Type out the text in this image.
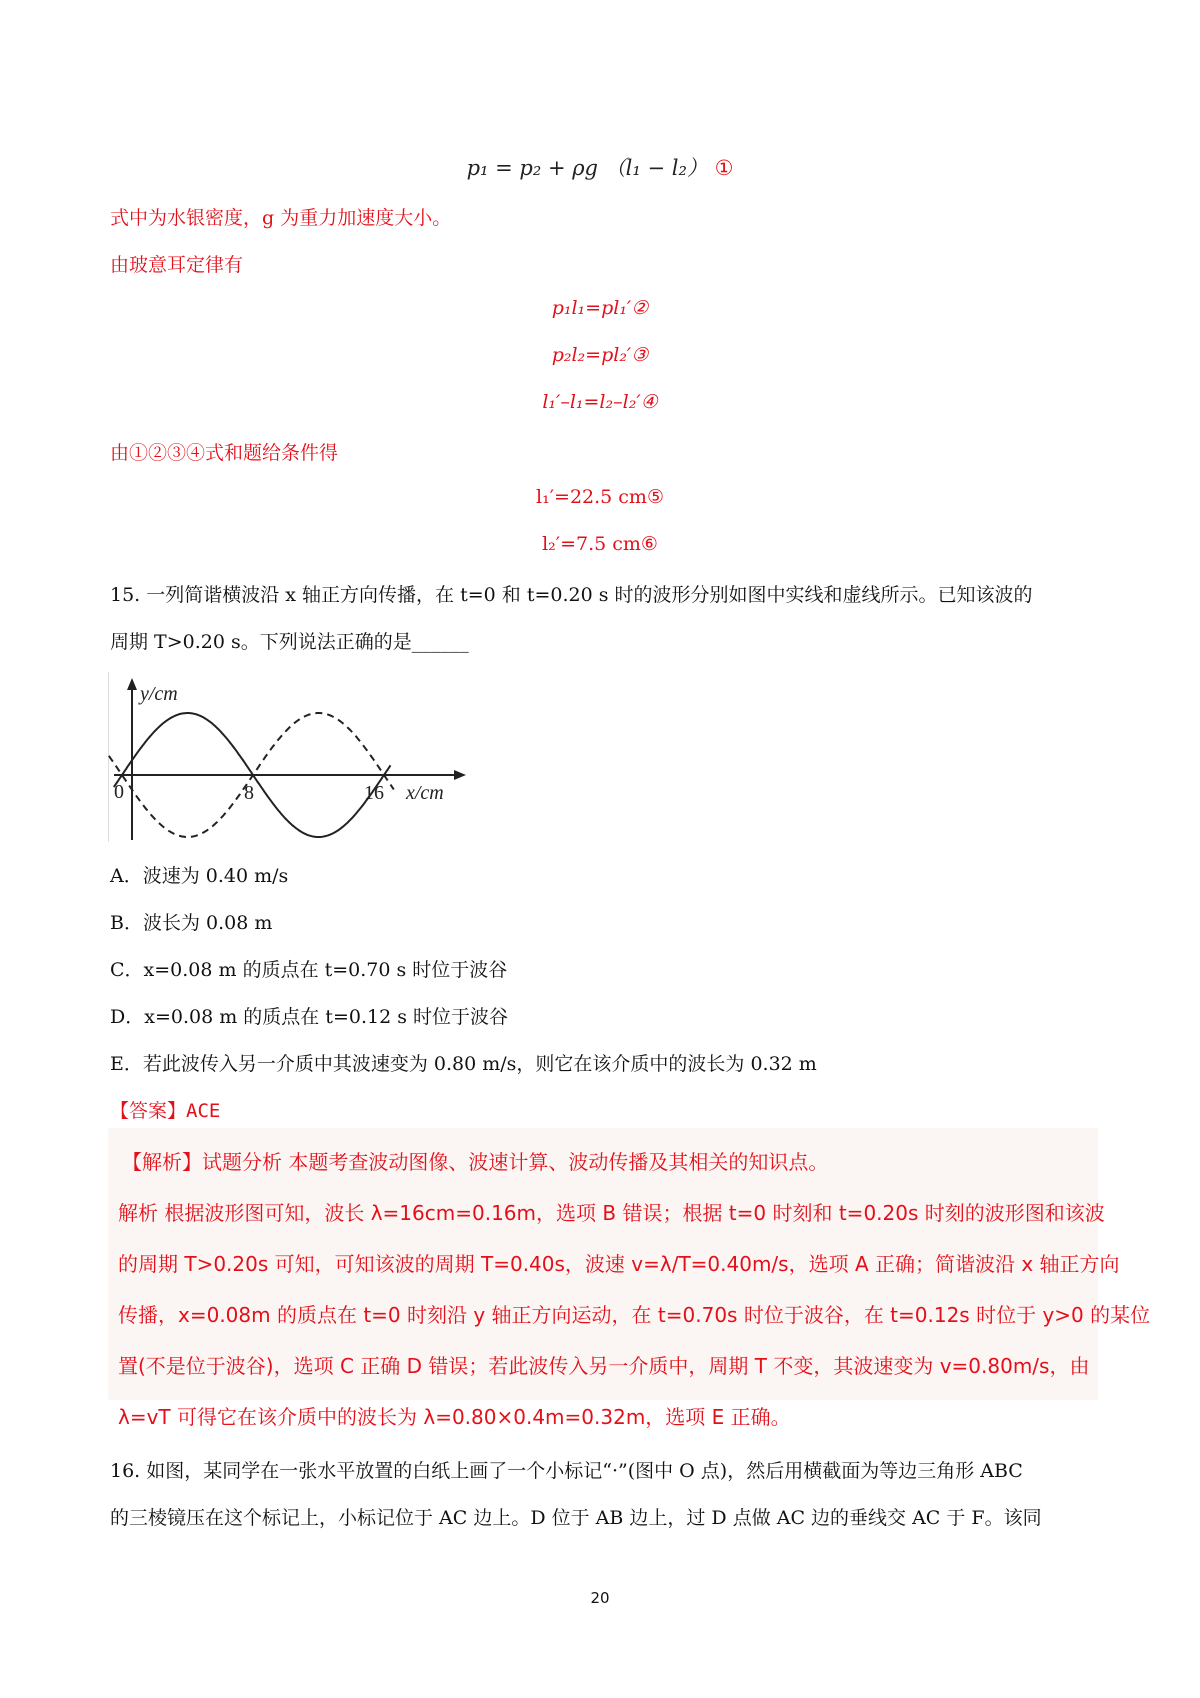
p₁ = p₂ + ρg （l₁ − l₂） ①
式中为水银密度，g 为重力加速度大小。
由玻意耳定律有
p₁l₁=pl₁′②
p₂l₂=pl₂′③
l₁′–l₁=l₂–l₂′④
由①②③④式和题给条件得
l₁′=22.5 cm⑤
l₂′=7.5 cm⑥
15. 一列简谐横波沿 x 轴正方向传播，在 t=0 和 t=0.20 s 时的波形分别如图中实线和虚线所示。已知该波的
周期 T>0.20 s。下列说法正确的是______
y/cm
x/cm
0	8	16
A．波速为 0.40 m/s
B．波长为 0.08 m
C．x=0.08 m 的质点在 t=0.70 s 时位于波谷
D．x=0.08 m 的质点在 t=0.12 s 时位于波谷
E．若此波传入另一介质中其波速变为 0.80 m/s，则它在该介质中的波长为 0.32 m
【答案】ACE
【解析】试题分析 本题考查波动图像、波速计算、波动传播及其相关的知识点。
解析 根据波形图可知，波长 λ=16cm=0.16m，选项 B 错误；根据 t=0 时刻和 t=0.20s 时刻的波形图和该波
的周期 T>0.20s 可知，可知该波的周期 T=0.40s，波速 v=λ/T=0.40m/s，选项 A 正确；简谐波沿 x 轴正方向
传播，x=0.08m 的质点在 t=0 时刻沿 y 轴正方向运动，在 t=0.70s 时位于波谷，在 t=0.12s 时位于 y>0 的某位
置(不是位于波谷)，选项 C 正确 D 错误；若此波传入另一介质中，周期 T 不变，其波速变为 v=0.80m/s，由
λ=vT 可得它在该介质中的波长为 λ=0.80×0.4m=0.32m，选项 E 正确。
16. 如图，某同学在一张水平放置的白纸上画了一个小标记“·”(图中 O 点)，然后用横截面为等边三角形 ABC
的三棱镜压在这个标记上，小标记位于 AC 边上。D 位于 AB 边上，过 D 点做 AC 边的垂线交 AC 于 F。该同
20
